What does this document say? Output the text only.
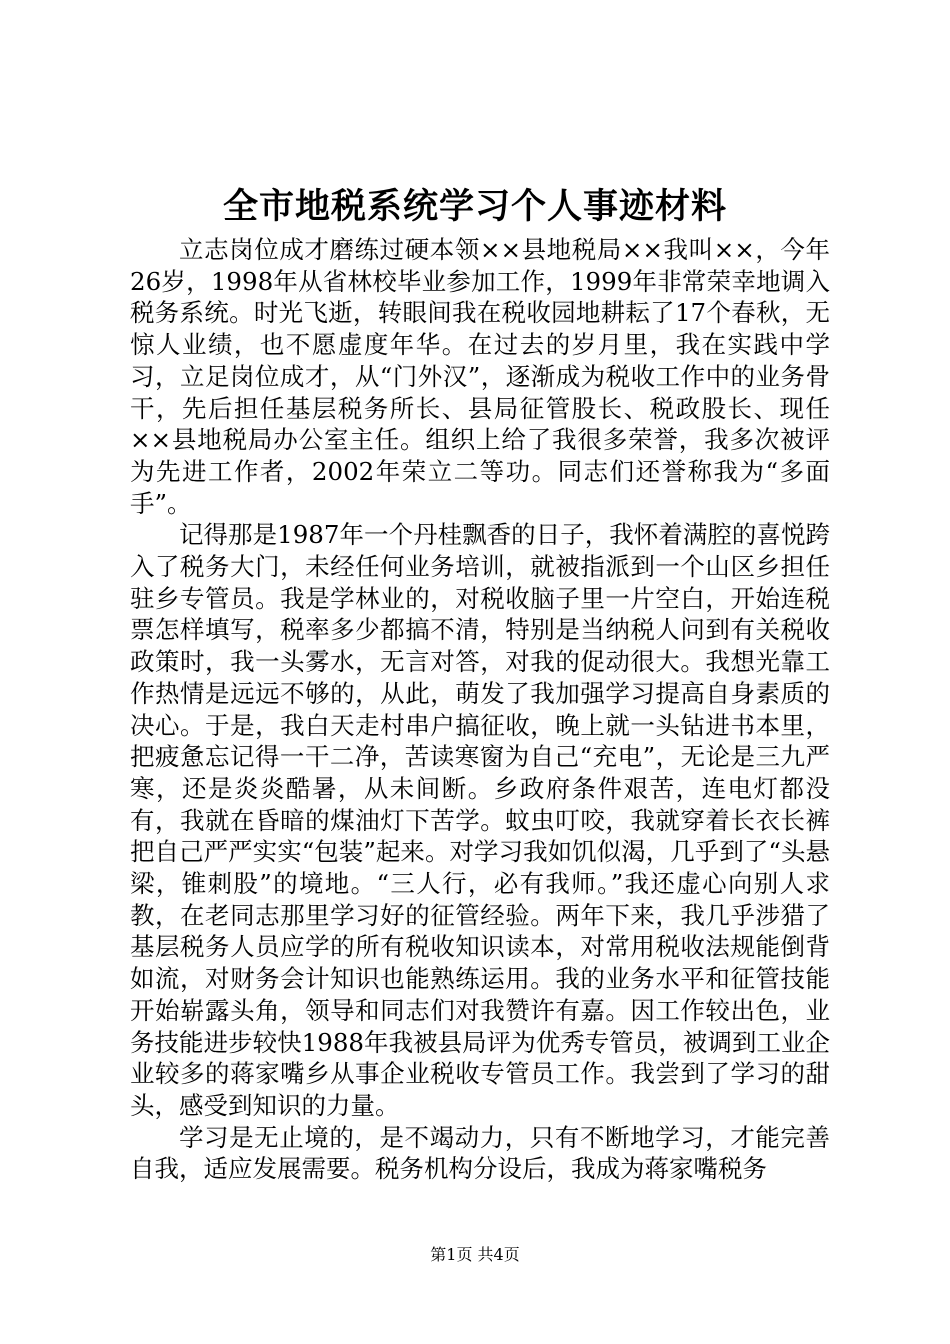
全市地税系统学习个人事迹材料

立志岗位成才磨练过硬本领××县地税局××我叫××，今年26岁，1998年从省林校毕业参加工作，1999年非常荣幸地调入税务系统。时光飞逝，转眼间我在税收园地耕耘了17个春秋，无惊人业绩，也不愿虚度年华。在过去的岁月里，我在实践中学习，立足岗位成才，从“门外汉”，逐渐成为税收工作中的业务骨干，先后担任基层税务所长、县局征管股长、税政股长、现任××县地税局办公室主任。组织上给了我很多荣誉，我多次被评为先进工作者，2002年荣立二等功。同志们还誉称我为“多面手”。

记得那是1987年一个丹桂飘香的日子，我怀着满腔的喜悦跨入了税务大门，未经任何业务培训，就被指派到一个山区乡担任驻乡专管员。我是学林业的，对税收脑子里一片空白，开始连税票怎样填写，税率多少都搞不清，特别是当纳税人问到有关税收政策时，我一头雾水，无言对答，对我的促动很大。我想光靠工作热情是远远不够的，从此，萌发了我加强学习提高自身素质的决心。于是，我白天走村串户搞征收，晚上就一头钻进书本里，把疲惫忘记得一干二净，苦读寒窗为自己“充电”，无论是三九严寒，还是炎炎酷暑，从未间断。乡政府条件艰苦，连电灯都没有，我就在昏暗的煤油灯下苦学。蚊虫叮咬，我就穿着长衣长裤把自己严严实实“包装”起来。对学习我如饥似渴，几乎到了“头悬梁，锥刺股”的境地。“三人行，必有我师。”我还虚心向别人求教，在老同志那里学习好的征管经验。两年下来，我几乎涉猎了基层税务人员应学的所有税收知识读本，对常用税收法规能倒背如流，对财务会计知识也能熟练运用。我的业务水平和征管技能开始崭露头角，领导和同志们对我赞许有嘉。因工作较出色，业务技能进步较快1988年我被县局评为优秀专管员，被调到工业企业较多的蒋家嘴乡从事企业税收专管员工作。我尝到了学习的甜头，感受到知识的力量。

学习是无止境的，是不竭动力，只有不断地学习，才能完善自我，适应发展需要。税务机构分设后，我成为蒋家嘴税务

第1页 共4页
